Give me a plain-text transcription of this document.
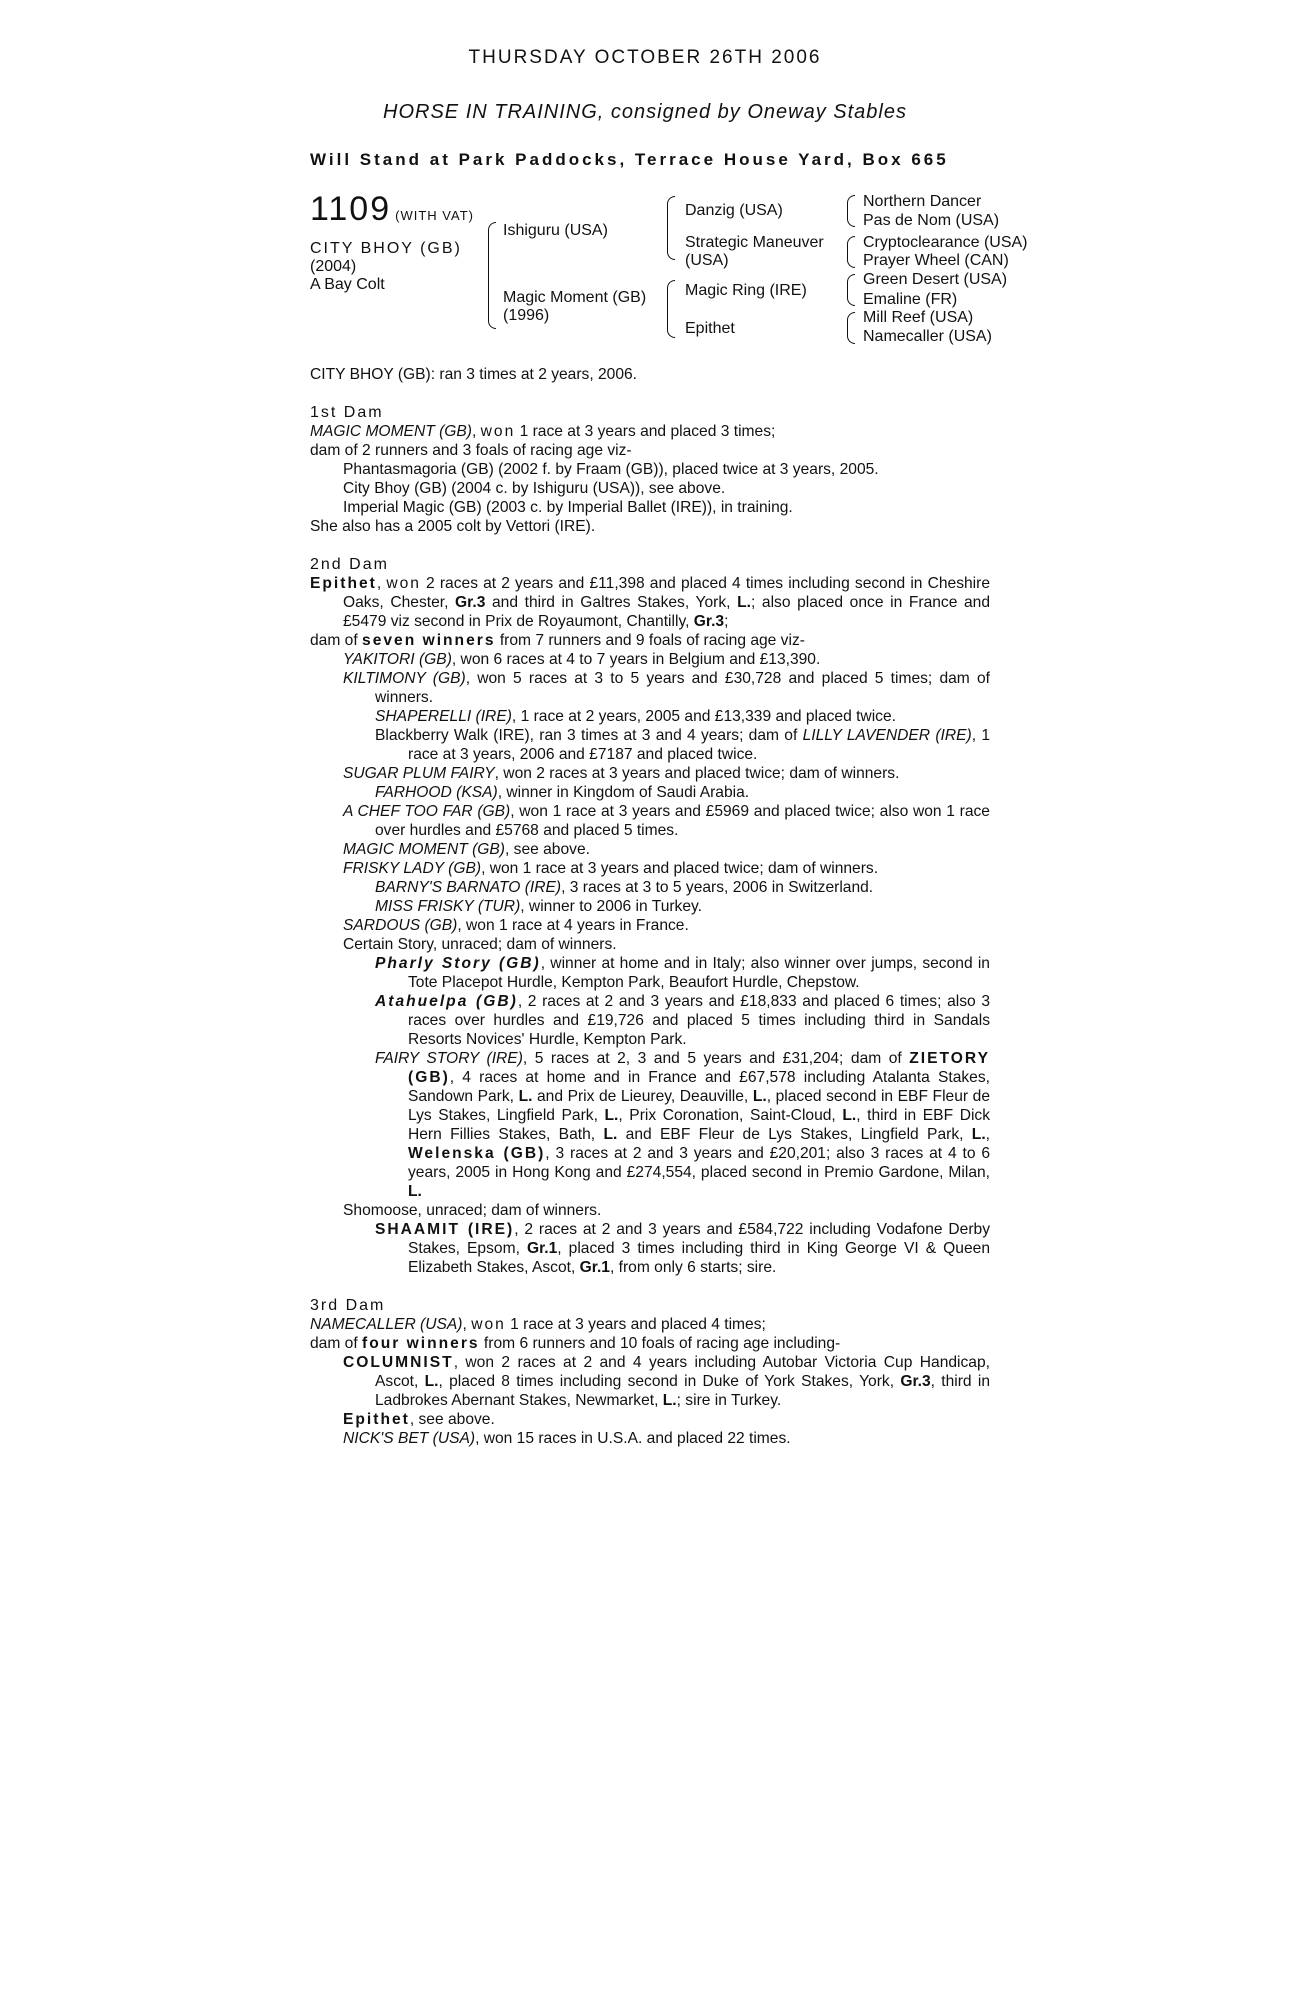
THURSDAY OCTOBER 26TH 2006
HORSE IN TRAINING, consigned by Oneway Stables
Will Stand at Park Paddocks, Terrace House Yard, Box 665
1109 (WITH VAT)
CITY BHOY (GB)
(2004)
A Bay Colt
Ishiguru (USA)
Magic Moment (GB)
(1996)
Danzig (USA)
Strategic Maneuver
(USA)
Magic Ring (IRE)
Epithet
Northern Dancer
Pas de Nom (USA)
Cryptoclearance (USA)
Prayer Wheel (CAN)
Green Desert (USA)
Emaline (FR)
Mill Reef (USA)
Namecaller (USA)

CITY BHOY (GB): ran 3 times at 2 years, 2006.

1st Dam

MAGIC MOMENT (GB), won 1 race at 3 years and placed 3 times;

dam of 2 runners and 3 foals of racing age viz-

Phantasmagoria (GB) (2002 f. by Fraam (GB)), placed twice at 3 years, 2005.

City Bhoy (GB) (2004 c. by Ishiguru (USA)), see above.

Imperial Magic (GB) (2003 c. by Imperial Ballet (IRE)), in training.

She also has a 2005 colt by Vettori (IRE).

2nd Dam

Epithet, won 2 races at 2 years and £11,398 and placed 4 times including second in Cheshire Oaks, Chester, Gr.3 and third in Galtres Stakes, York, L.; also placed once in France and £5479 viz second in Prix de Royaumont, Chantilly, Gr.3;

dam of seven winners from 7 runners and 9 foals of racing age viz-

YAKITORI (GB), won 6 races at 4 to 7 years in Belgium and £13,390.

KILTIMONY (GB), won 5 races at 3 to 5 years and £30,728 and placed 5 times; dam of winners.

SHAPERELLI (IRE), 1 race at 2 years, 2005 and £13,339 and placed twice.

Blackberry Walk (IRE), ran 3 times at 3 and 4 years; dam of LILLY LAVENDER (IRE), 1 race at 3 years, 2006 and £7187 and placed twice.

SUGAR PLUM FAIRY, won 2 races at 3 years and placed twice; dam of winners.

FARHOOD (KSA), winner in Kingdom of Saudi Arabia.

A CHEF TOO FAR (GB), won 1 race at 3 years and £5969 and placed twice; also won 1 race over hurdles and £5768 and placed 5 times.

MAGIC MOMENT (GB), see above.

FRISKY LADY (GB), won 1 race at 3 years and placed twice; dam of winners.

BARNY'S BARNATO (IRE), 3 races at 3 to 5 years, 2006 in Switzerland.

MISS FRISKY (TUR), winner to 2006 in Turkey.

SARDOUS (GB), won 1 race at 4 years in France.

Certain Story, unraced; dam of winners.

Pharly Story (GB), winner at home and in Italy; also winner over jumps, second in Tote Placepot Hurdle, Kempton Park, Beaufort Hurdle, Chepstow.

Atahuelpa (GB), 2 races at 2 and 3 years and £18,833 and placed 6 times; also 3 races over hurdles and £19,726 and placed 5 times including third in Sandals Resorts Novices' Hurdle, Kempton Park.

FAIRY STORY (IRE), 5 races at 2, 3 and 5 years and £31,204; dam of ZIETORY (GB), 4 races at home and in France and £67,578 including Atalanta Stakes, Sandown Park, L. and Prix de Lieurey, Deauville, L., placed second in EBF Fleur de Lys Stakes, Lingfield Park, L., Prix Coronation, Saint-Cloud, L., third in EBF Dick Hern Fillies Stakes, Bath, L. and EBF Fleur de Lys Stakes, Lingfield Park, L., Welenska (GB), 3 races at 2 and 3 years and £20,201; also 3 races at 4 to 6 years, 2005 in Hong Kong and £274,554, placed second in Premio Gardone, Milan, L.

Shomoose, unraced; dam of winners.

SHAAMIT (IRE), 2 races at 2 and 3 years and £584,722 including Vodafone Derby Stakes, Epsom, Gr.1, placed 3 times including third in King George VI & Queen Elizabeth Stakes, Ascot, Gr.1, from only 6 starts; sire.

3rd Dam

NAMECALLER (USA), won 1 race at 3 years and placed 4 times;

dam of four winners from 6 runners and 10 foals of racing age including-

COLUMNIST, won 2 races at 2 and 4 years including Autobar Victoria Cup Handicap, Ascot, L., placed 8 times including second in Duke of York Stakes, York, Gr.3, third in Ladbrokes Abernant Stakes, Newmarket, L.; sire in Turkey.

Epithet, see above.

NICK'S BET (USA), won 15 races in U.S.A. and placed 22 times.
